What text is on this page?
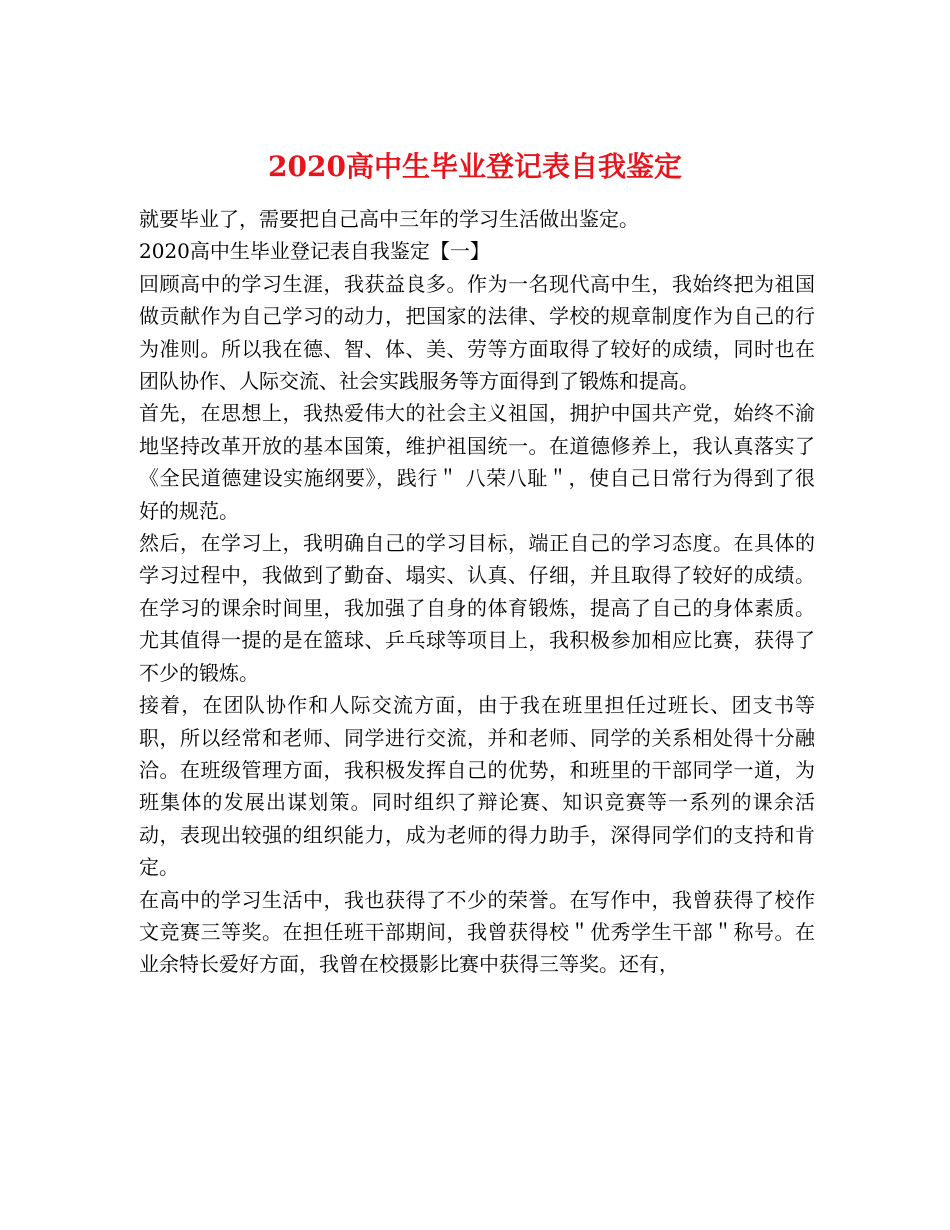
2020高中生毕业登记表自我鉴定

就要毕业了，需要把自己高中三年的学习生活做出鉴定。

2020高中生毕业登记表自我鉴定【一】

回顾高中的学习生涯，我获益良多。作为一名现代高中生，我始终把为祖国做贡献作为自己学习的动力，把国家的法律、学校的规章制度作为自己的行为准则。所以我在德、智、体、美、劳等方面取得了较好的成绩，同时也在团队协作、人际交流、社会实践服务等方面得到了锻炼和提高。

首先，在思想上，我热爱伟大的社会主义祖国，拥护中国共产党，始终不渝地坚持改革开放的基本国策，维护祖国统一。在道德修养上，我认真落实了《全民道德建设实施纲要》，践行＂ 八荣八耻＂，使自己日常行为得到了很好的规范。

然后，在学习上，我明确自己的学习目标，端正自己的学习态度。在具体的学习过程中，我做到了勤奋、塌实、认真、仔细，并且取得了较好的成绩。在学习的课余时间里，我加强了自身的体育锻炼，提高了自己的身体素质。尤其值得一提的是在篮球、乒乓球等项目上，我积极参加相应比赛，获得了不少的锻炼。

接着，在团队协作和人际交流方面，由于我在班里担任过班长、团支书等职，所以经常和老师、同学进行交流，并和老师、同学的关系相处得十分融洽。在班级管理方面，我积极发挥自己的优势，和班里的干部同学一道，为班集体的发展出谋划策。同时组织了辩论赛、知识竞赛等一系列的课余活动，表现出较强的组织能力，成为老师的得力助手，深得同学们的支持和肯定。

在高中的学习生活中，我也获得了不少的荣誉。在写作中，我曾获得了校作文竞赛三等奖。在担任班干部期间，我曾获得校＂优秀学生干部＂称号。在业余特长爱好方面，我曾在校摄影比赛中获得三等奖。还有，
